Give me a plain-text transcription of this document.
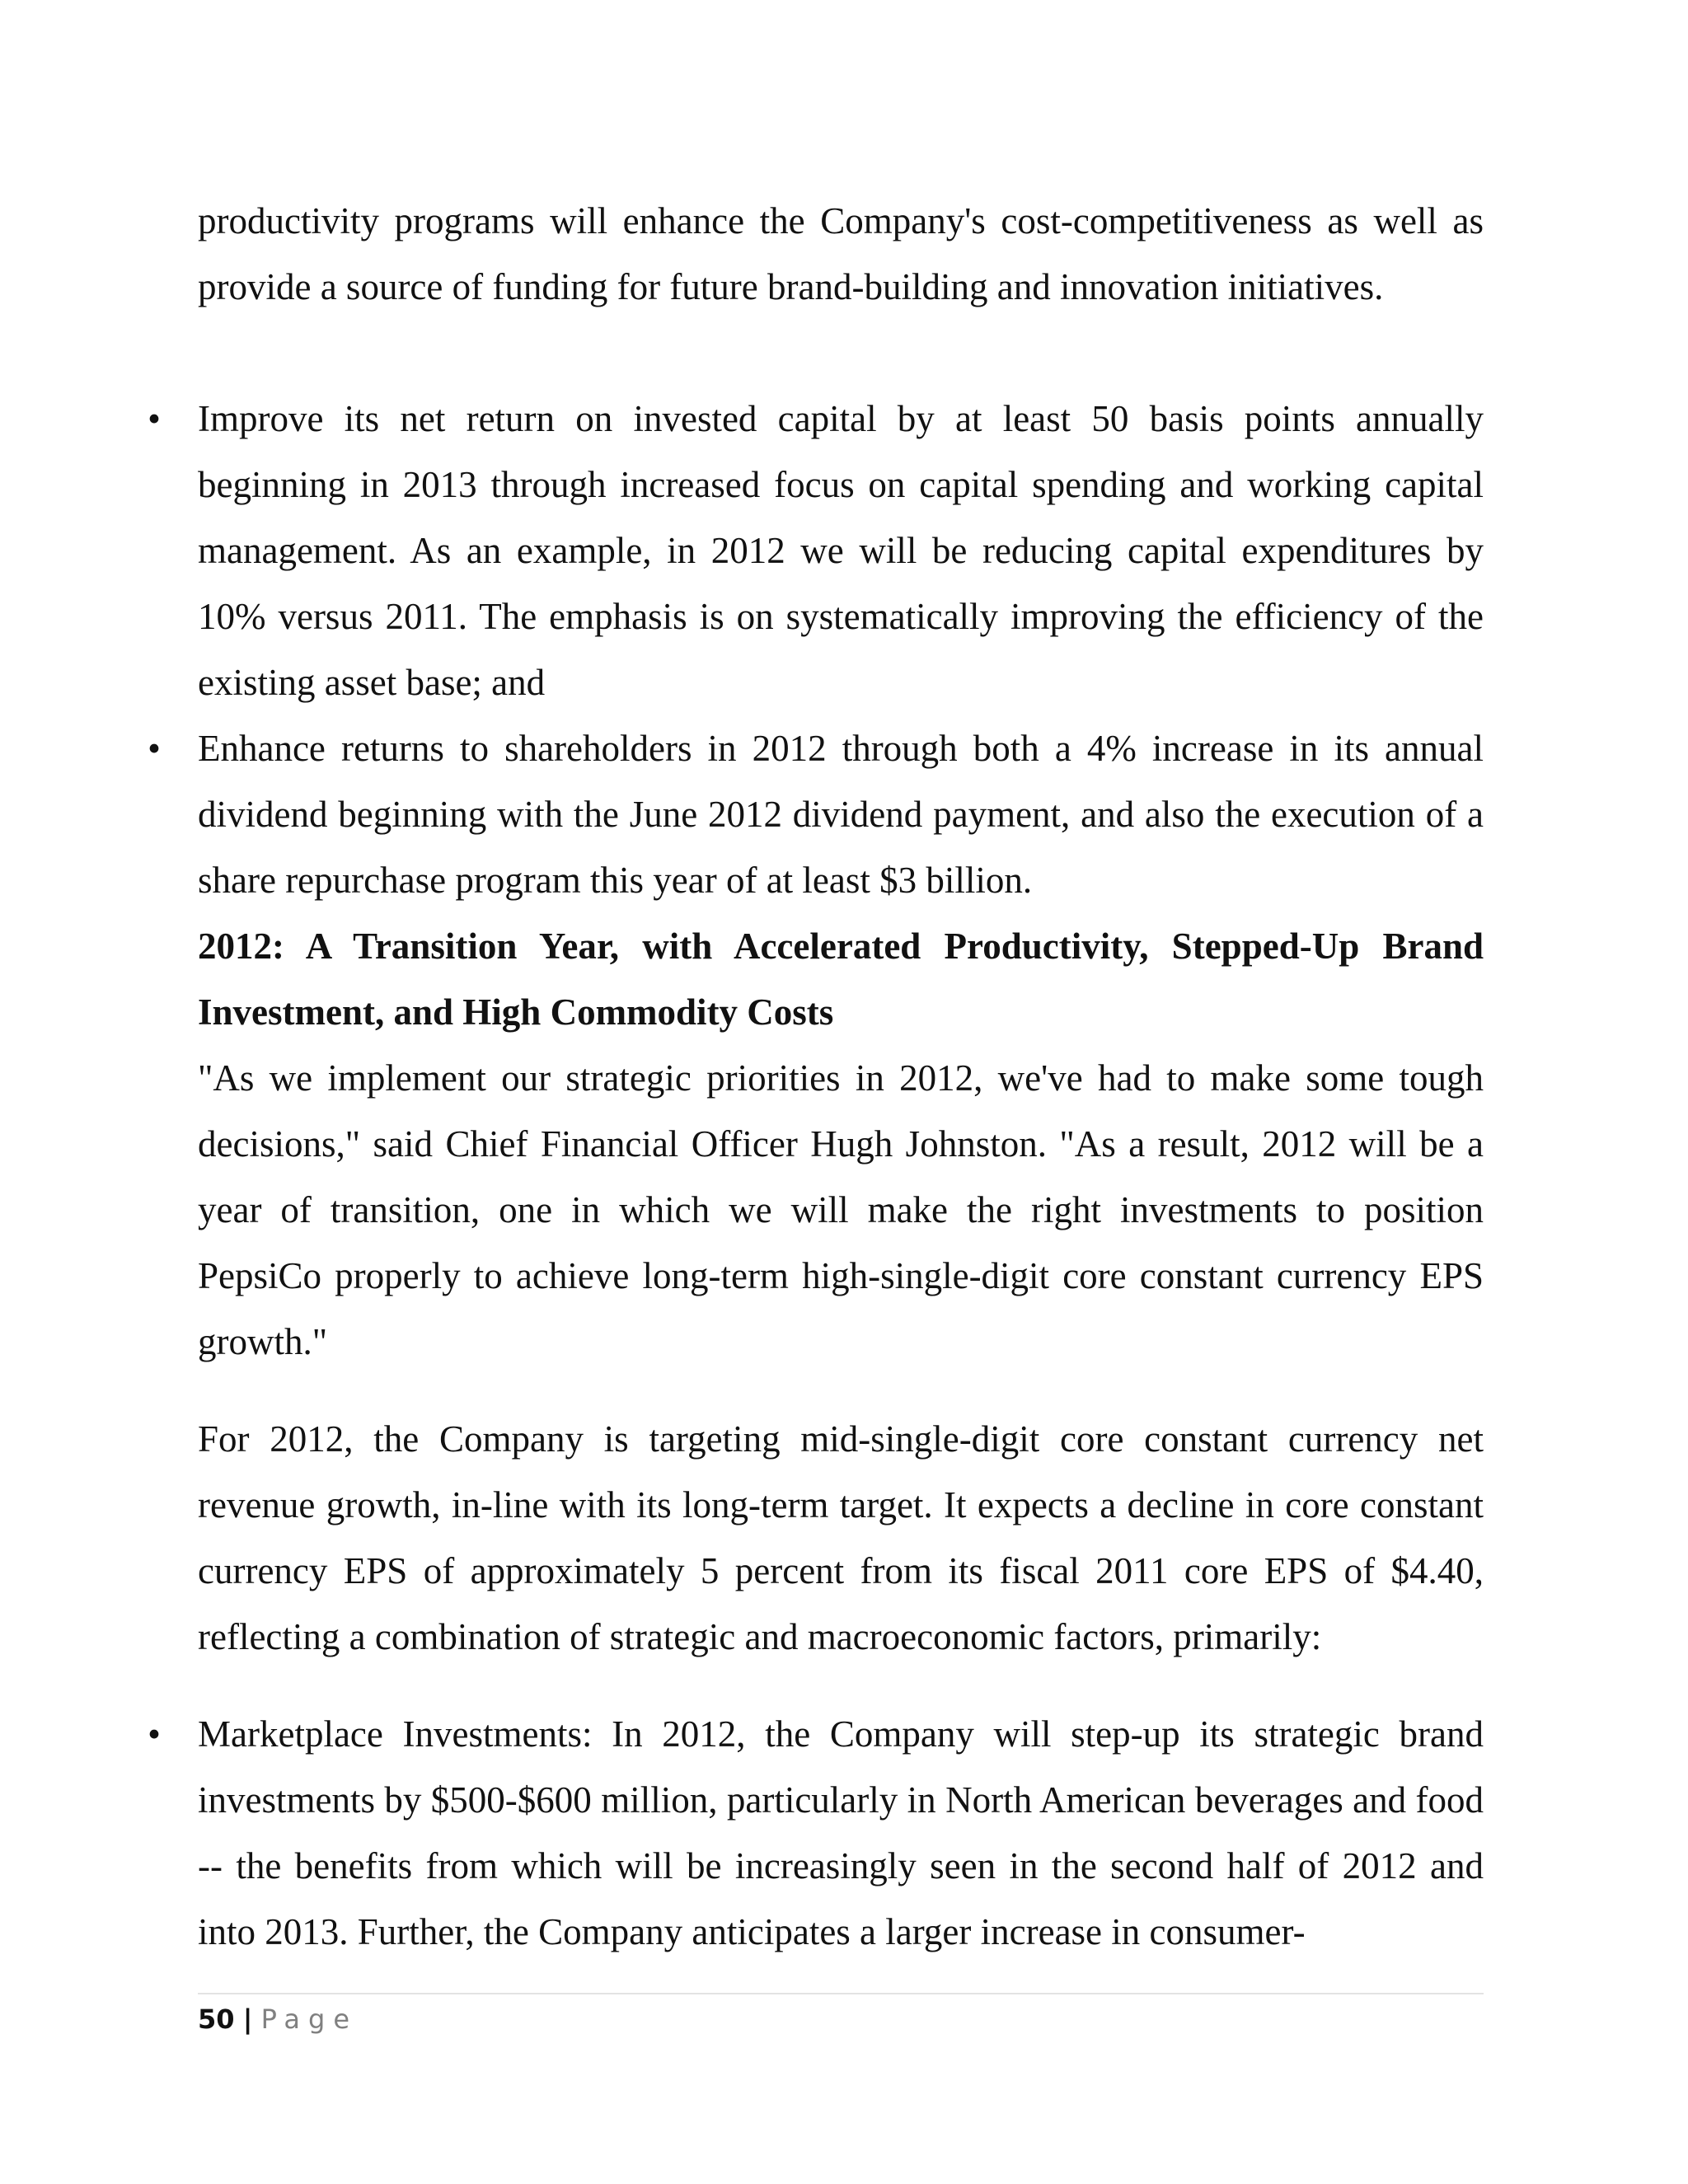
productivity programs will enhance the Company's cost-competitiveness as well as provide a source of funding for future brand-building and innovation initiatives.

• Improve its net return on invested capital by at least 50 basis points annually beginning in 2013 through increased focus on capital spending and working capital management. As an example, in 2012 we will be reducing capital expenditures by 10% versus 2011. The emphasis is on systematically improving the efficiency of the existing asset base; and

• Enhance returns to shareholders in 2012 through both a 4% increase in its annual dividend beginning with the June 2012 dividend payment, and also the execution of a share repurchase program this year of at least $3 billion.

2012: A Transition Year, with Accelerated Productivity, Stepped-Up Brand Investment, and High Commodity Costs

"As we implement our strategic priorities in 2012, we've had to make some tough decisions," said Chief Financial Officer Hugh Johnston. "As a result, 2012 will be a year of transition, one in which we will make the right investments to position PepsiCo properly to achieve long-term high-single-digit core constant currency EPS growth."

For 2012, the Company is targeting mid-single-digit core constant currency net revenue growth, in-line with its long-term target. It expects a decline in core constant currency EPS of approximately 5 percent from its fiscal 2011 core EPS of $4.40, reflecting a combination of strategic and macroeconomic factors, primarily:

• Marketplace Investments: In 2012, the Company will step-up its strategic brand investments by $500-$600 million, particularly in North American beverages and food -- the benefits from which will be increasingly seen in the second half of 2012 and into 2013. Further, the Company anticipates a larger increase in consumer-

50 | Page
